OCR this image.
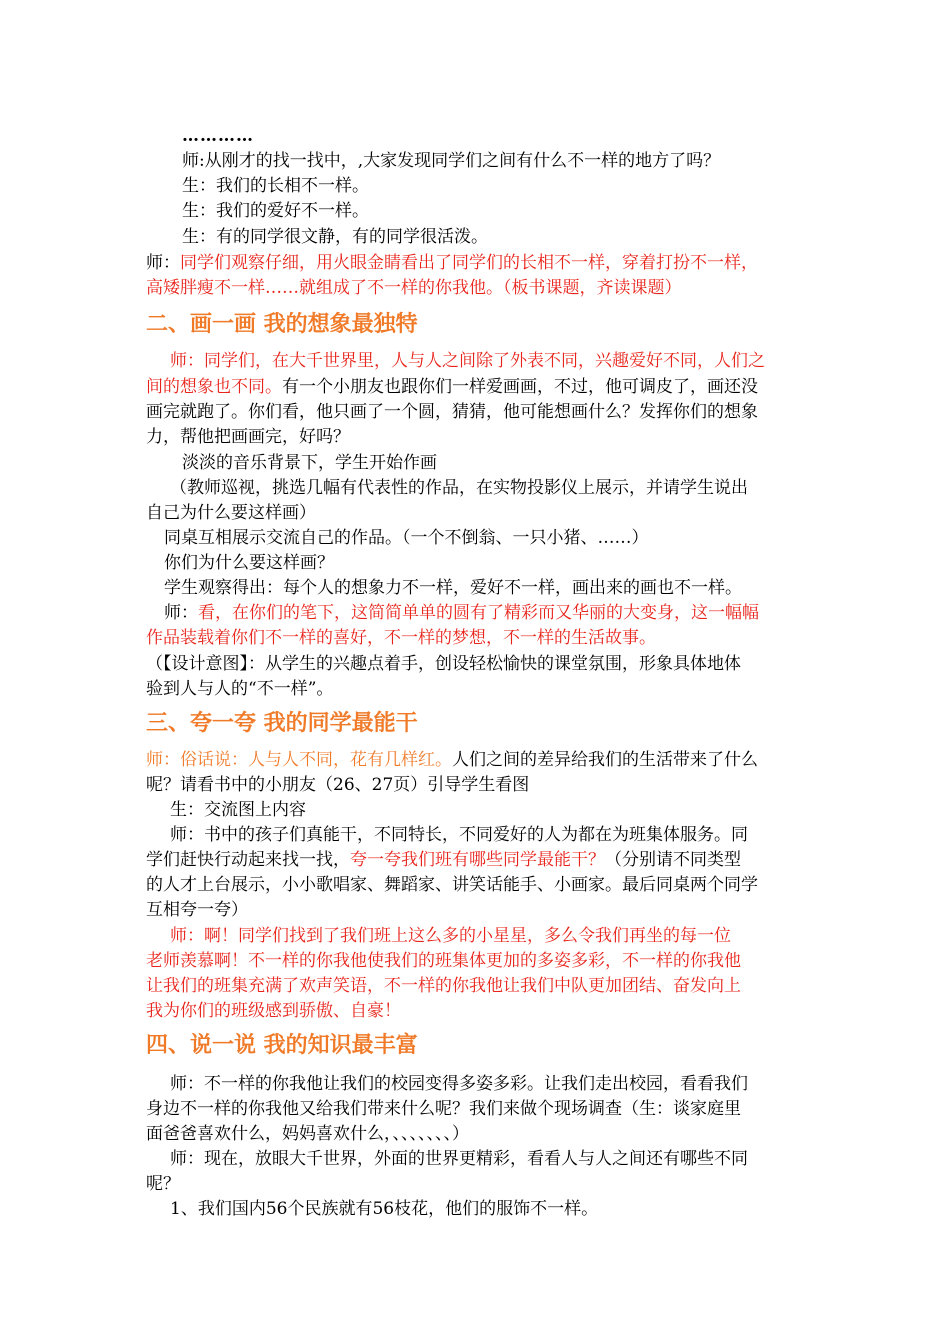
…………
师:从刚才的找一找中，,大家发现同学们之间有什么不一样的地方了吗？
生：我们的长相不一样。
生：我们的爱好不一样。
生：有的同学很文静，有的同学很活泼。
师：同学们观察仔细，用火眼金睛看出了同学们的长相不一样，穿着打扮不一样，
高矮胖瘦不一样……就组成了不一样的你我他。（板书课题，齐读课题）
二、画一画 我的想象最独特
师：同学们，在大千世界里，人与人之间除了外表不同，兴趣爱好不同，人们之
间的想象也不同。有一个小朋友也跟你们一样爱画画，不过，他可调皮了，画还没
画完就跑了。你们看，他只画了一个圆，猜猜，他可能想画什么？发挥你们的想象
力，帮他把画画完，好吗？
淡淡的音乐背景下，学生开始作画
（教师巡视，挑选几幅有代表性的作品，在实物投影仪上展示，并请学生说出
自己为什么要这样画）
同桌互相展示交流自己的作品。（一个不倒翁、一只小猪、……）
你们为什么要这样画？
学生观察得出：每个人的想象力不一样，爱好不一样，画出来的画也不一样。
师：看，在你们的笔下，这简简单单的圆有了精彩而又华丽的大变身，这一幅幅
作品装载着你们不一样的喜好，不一样的梦想，不一样的生活故事。
（【设计意图】：从学生的兴趣点着手，创设轻松愉快的课堂氛围，形象具体地体
验到人与人的“不一样”。
三、夸一夸 我的同学最能干
师：俗话说：人与人不同，花有几样红。人们之间的差异给我们的生活带来了什么
呢？请看书中的小朋友（26、27页）引导学生看图
生：交流图上内容
师：书中的孩子们真能干，不同特长，不同爱好的人为都在为班集体服务。同
学们赶快行动起来找一找，夸一夸我们班有哪些同学最能干？（分别请不同类型
的人才上台展示，小小歌唱家、舞蹈家、讲笑话能手、小画家。最后同桌两个同学
互相夸一夸）
师：啊！同学们找到了我们班上这么多的小星星，多么令我们再坐的每一位
老师羡慕啊！不一样的你我他使我们的班集体更加的多姿多彩，不一样的你我他
让我们的班集充满了欢声笑语，不一样的你我他让我们中队更加团结、奋发向上
我为你们的班级感到骄傲、自豪！
四、说一说 我的知识最丰富
师：不一样的你我他让我们的校园变得多姿多彩。让我们走出校园，看看我们
身边不一样的你我他又给我们带来什么呢？我们来做个现场调查（生：谈家庭里
面爸爸喜欢什么，妈妈喜欢什么，、、、、、、、）
师：现在，放眼大千世界，外面的世界更精彩，看看人与人之间还有哪些不同
呢？
1、我们国内56个民族就有56枝花，他们的服饰不一样。
